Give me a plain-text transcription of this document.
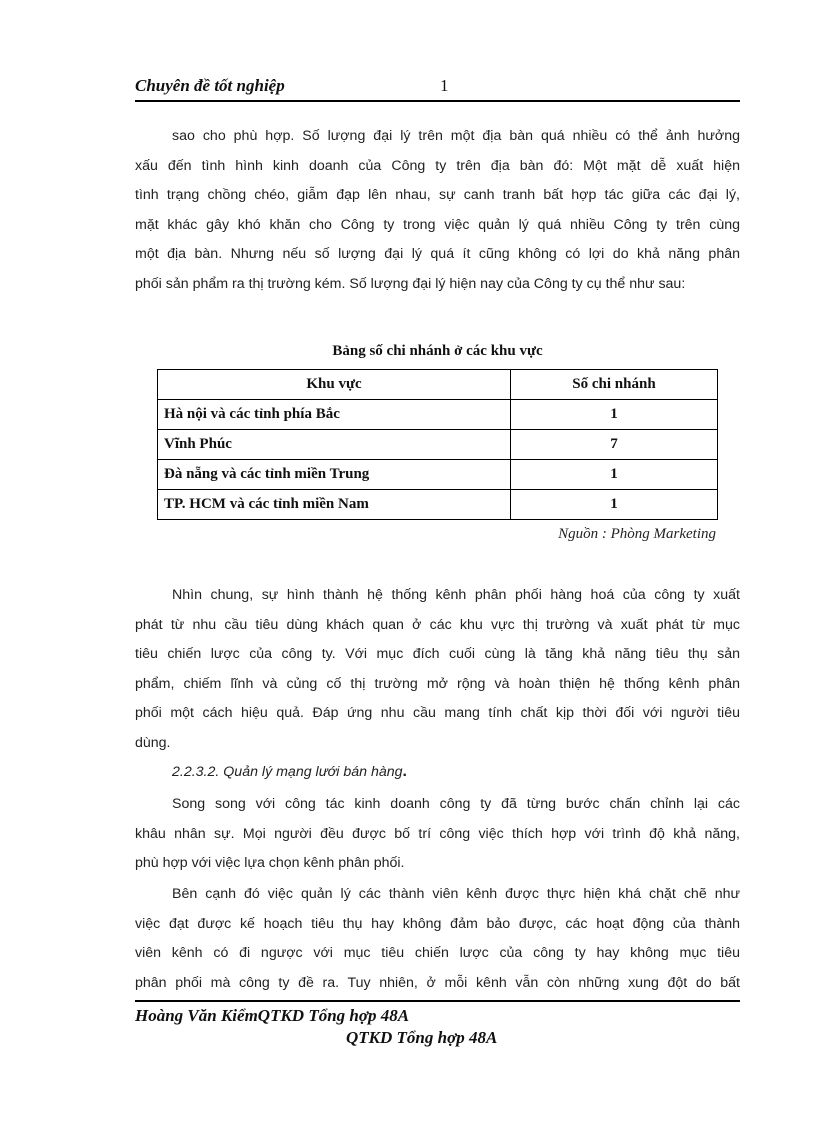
Chuyên đề tốt nghiệp	1
sao cho phù hợp. Số lượng đại lý trên một địa bàn quá nhiều có thể ảnh hưởng
xấu đến tình hình kinh doanh của Công ty trên địa bàn đó: Một mặt dễ xuất hiện
tình trạng chồng chéo, giẫm đạp lên nhau, sự canh tranh bất hợp tác giữa các đại lý,
mặt khác gây khó khăn cho Công ty trong việc quản lý quá nhiều Công ty trên cùng
một địa bàn. Nhưng nếu số lượng đại lý quá ít cũng không có lợi do khả năng phân
phối sản phẩm ra thị trường kém. Số lượng đại lý hiện nay của Công ty cụ thể như sau:
Bảng số chi nhánh ở các khu vực
Khu vực	Số chi nhánh
Hà nội và các tỉnh phía Bắc	1
Vĩnh Phúc	7
Đà nẵng và các tỉnh miền Trung	1
TP. HCM và các tỉnh miền Nam	1
Nguồn : Phòng Marketing
Nhìn chung, sự hình thành hệ thống kênh phân phối hàng hoá của công ty xuất
phát từ nhu cầu tiêu dùng khách quan ở các khu vực thị trường và xuất phát từ mục
tiêu chiến lược của công ty. Với mục đích cuối cùng là tăng khả năng tiêu thụ sản
phẩm, chiếm lĩnh và củng cố thị trường mở rộng và hoàn thiện hệ thống kênh phân
phối một cách hiệu quả. Đáp ứng nhu cầu mang tính chất kịp thời đối với người tiêu
dùng.
2.2.3.2. Quản lý mạng lưới bán hàng.
Song song với công tác kinh doanh công ty đã từng bước chấn chỉnh lại các
khâu nhân sự. Mọi người đều được bố trí công việc thích hợp với trình độ khả năng,
phù hợp với việc lựa chọn kênh phân phối.
Bên cạnh đó việc quản lý các thành viên kênh được thực hiện khá chặt chẽ như
việc đạt được kế hoạch tiêu thụ hay không đảm bảo được, các hoạt động của thành
viên kênh có đi ngược với mục tiêu chiến lược của công ty hay không mục tiêu
phân phối mà công ty đề ra. Tuy nhiên, ở mỗi kênh vẫn còn những xung đột do bất
Hoàng Văn KiểmQTKD Tổng hợp 48A
QTKD Tổng hợp 48A
